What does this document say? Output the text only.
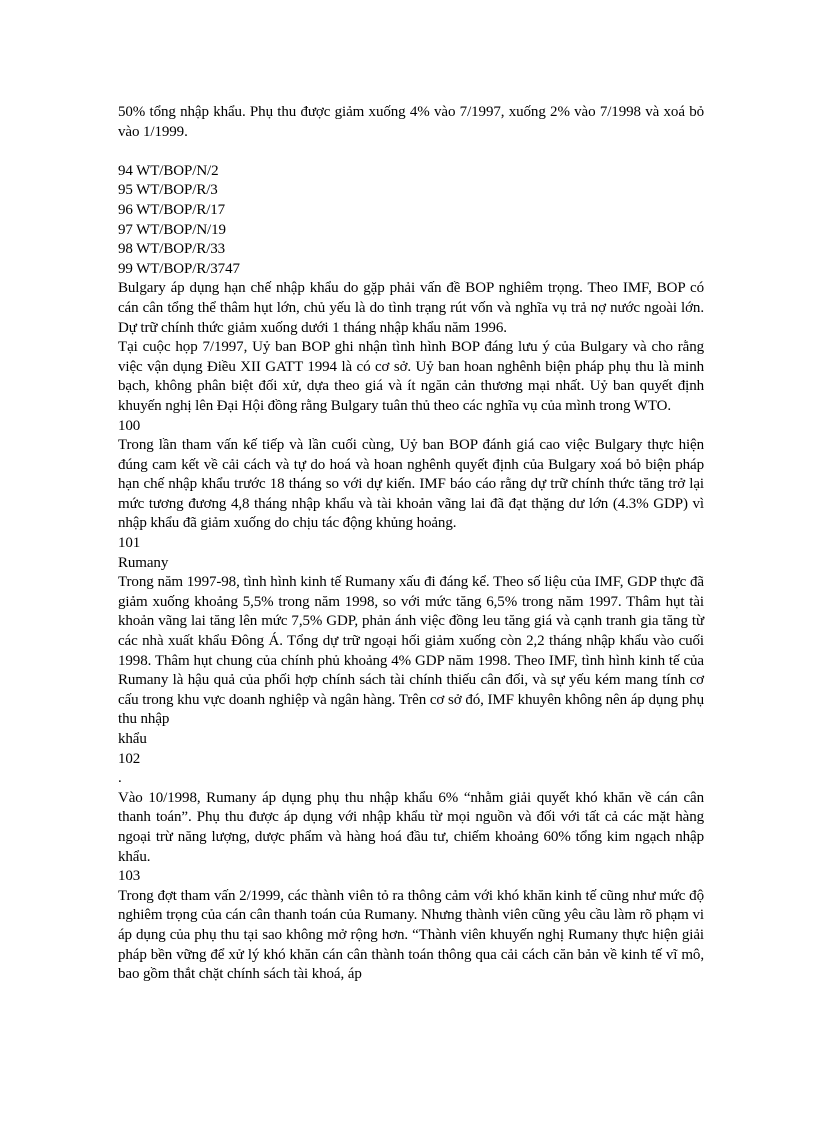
50% tổng nhập khẩu. Phụ thu được giảm xuống 4% vào 7/1997, xuống 2% vào 7/1998 và xoá bỏ vào 1/1999.

94 WT/BOP/N/2

95 WT/BOP/R/3

96 WT/BOP/R/17

97 WT/BOP/N/19

98 WT/BOP/R/33

99 WT/BOP/R/3747

Bulgary áp dụng hạn chế nhập khẩu do gặp phải vấn đề BOP nghiêm trọng. Theo IMF, BOP có cán cân tổng thể thâm hụt lớn, chủ yếu là do tình trạng rút vốn và nghĩa vụ trả nợ nước ngoài lớn. Dự trữ chính thức giảm xuống dưới 1 tháng nhập khẩu năm 1996.

Tại cuộc họp 7/1997, Uỷ ban BOP ghi nhận tình hình BOP đáng lưu ý của Bulgary và cho rằng việc vận dụng Điều XII GATT 1994 là có cơ sở. Uỷ ban hoan nghênh biện pháp phụ thu là minh bạch, không phân biệt đối xử, dựa theo giá và ít ngăn cản thương mại nhất. Uỷ ban quyết định khuyến nghị lên Đại Hội đồng rằng Bulgary tuân thủ theo các nghĩa vụ của mình trong WTO.

100

Trong lần tham vấn kế tiếp và lần cuối cùng, Uỷ ban BOP đánh giá cao việc Bulgary thực hiện đúng cam kết về cải cách và tự do hoá và hoan nghênh quyết định của Bulgary xoá bỏ biện pháp hạn chế nhập khẩu trước 18 tháng so với dự kiến. IMF báo cáo rằng dự trữ chính thức tăng trở lại mức tương đương 4,8 tháng nhập khẩu và tài khoản vãng lai đã đạt thặng dư lớn (4.3% GDP) vì nhập khẩu đã giảm xuống do chịu tác động khủng hoảng.

101

Rumany

Trong năm 1997-98, tình hình kinh tế Rumany xấu đi đáng kể. Theo số liệu của IMF, GDP thực đã giảm xuống khoảng 5,5% trong năm 1998, so với mức tăng 6,5% trong năm 1997. Thâm hụt tài khoản vãng lai tăng lên mức 7,5% GDP, phản ánh việc đồng leu tăng giá và cạnh tranh gia tăng từ các nhà xuất khẩu Đông Á. Tổng dự trữ ngoại hối giảm xuống còn 2,2 tháng nhập khẩu vào cuối 1998. Thâm hụt chung của chính phủ khoảng 4% GDP năm 1998. Theo IMF, tình hình kinh tế của Rumany là hậu quả của phối hợp chính sách tài chính thiếu cân đối, và sự yếu kém mang tính cơ cấu trong khu vực doanh nghiệp và ngân hàng. Trên cơ sở đó, IMF khuyên không nên áp dụng phụ thu nhập

khẩu

102

.

Vào 10/1998, Rumany áp dụng phụ thu nhập khẩu 6% “nhằm giải quyết khó khăn về cán cân thanh toán”. Phụ thu được áp dụng với nhập khẩu từ mọi nguồn và đối với tất cả các mặt hàng ngoại trừ năng lượng, dược phẩm và hàng hoá đầu tư, chiếm khoảng 60% tổng kim ngạch nhập khẩu.

103

Trong đợt tham vấn 2/1999, các thành viên tỏ ra thông cảm với khó khăn kinh tế cũng như mức độ nghiêm trọng của cán cân thanh toán của Rumany. Nhưng thành viên cũng yêu cầu làm rõ phạm vi áp dụng của phụ thu tại sao không mở rộng hơn. “Thành viên khuyến nghị Rumany thực hiện giải pháp bền vững để xử lý khó khăn cán cân thành toán thông qua cải cách căn bản về kinh tế vĩ mô, bao gồm thắt chặt chính sách tài khoá, áp
